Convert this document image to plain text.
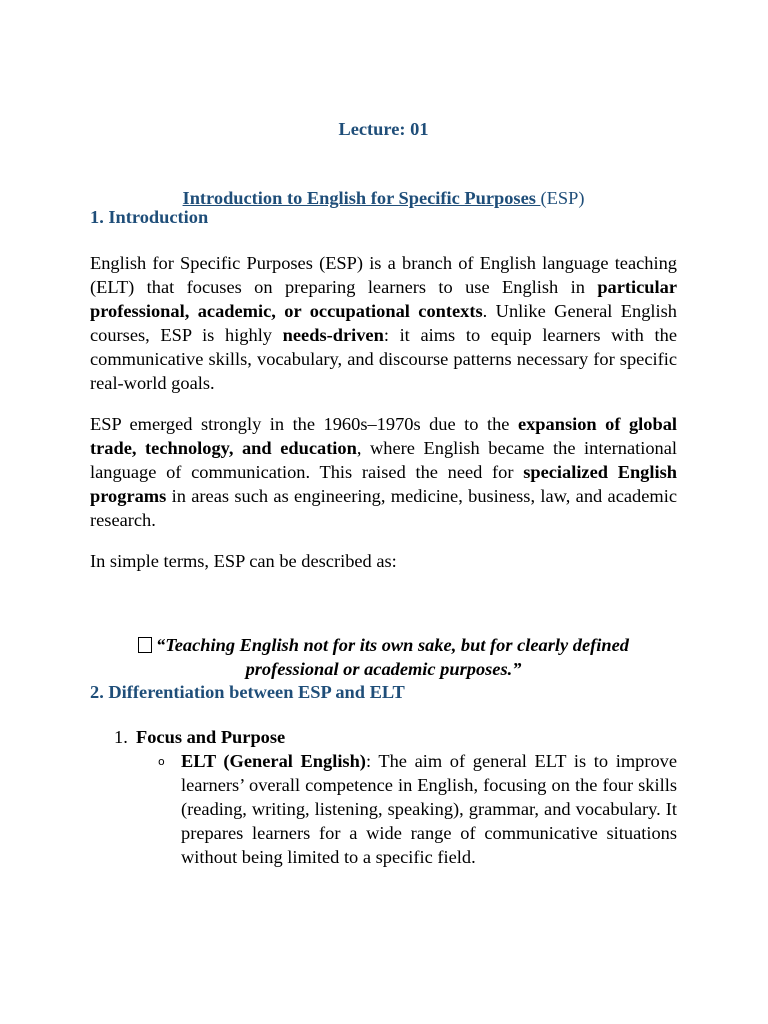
Lecture: 01

Introduction to English for Specific Purposes (ESP)

1. Introduction

English for Specific Purposes (ESP) is a branch of English language teaching (ELT) that focuses on preparing learners to use English in particular professional, academic, or occupational contexts. Unlike General English courses, ESP is highly needs-driven: it aims to equip learners with the communicative skills, vocabulary, and discourse patterns necessary for specific real-world goals.

ESP emerged strongly in the 1960s–1970s due to the expansion of global trade, technology, and education, where English became the international language of communication. This raised the need for specialized English programs in areas such as engineering, medicine, business, law, and academic research.

In simple terms, ESP can be described as:

“Teaching English not for its own sake, but for clearly defined professional or academic purposes.”

2. Differentiation between ESP and ELT

1. Focus and Purpose
o ELT (General English): The aim of general ELT is to improve learners’ overall competence in English, focusing on the four skills (reading, writing, listening, speaking), grammar, and vocabulary. It prepares learners for a wide range of communicative situations without being limited to a specific field.
